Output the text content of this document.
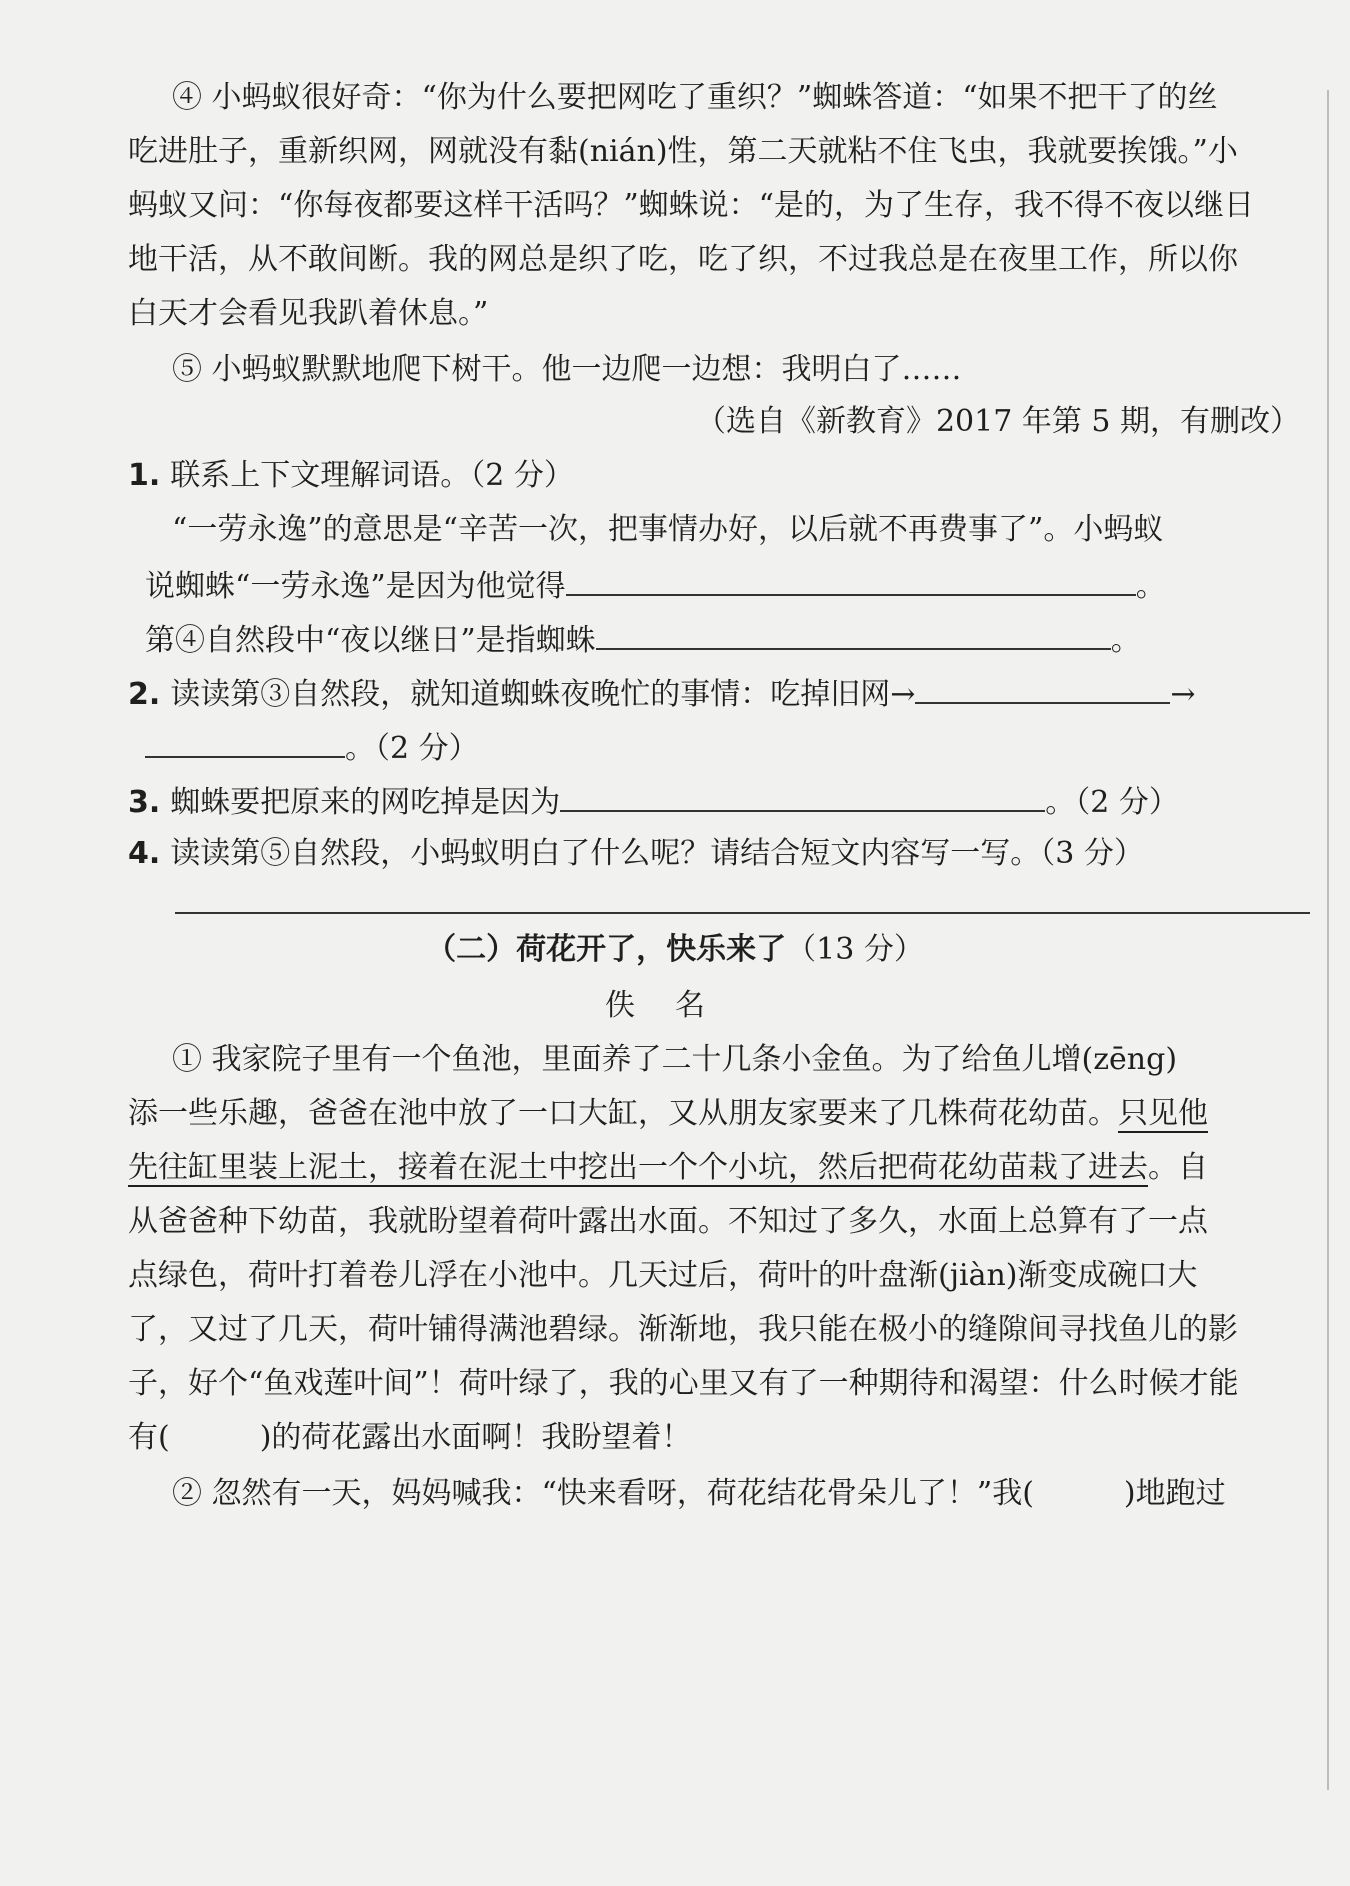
④ 小蚂蚁很好奇：“你为什么要把网吃了重织？”蜘蛛答道：“如果不把干了的丝
吃进肚子，重新织网，网就没有黏(nián)性，第二天就粘不住飞虫，我就要挨饿。”小
蚂蚁又问：“你每夜都要这样干活吗？”蜘蛛说：“是的，为了生存，我不得不夜以继日
地干活，从不敢间断。我的网总是织了吃，吃了织，不过我总是在夜里工作，所以你
白天才会看见我趴着休息。”
⑤ 小蚂蚁默默地爬下树干。他一边爬一边想：我明白了……
（选自《新教育》2017 年第 5 期，有删改）
1. 联系上下文理解词语。（2 分）
“一劳永逸”的意思是“辛苦一次，把事情办好，以后就不再费事了”。小蚂蚁
说蜘蛛“一劳永逸”是因为他觉得	。
第④自然段中“夜以继日”是指蜘蛛	。
2. 读读第③自然段，就知道蜘蛛夜晚忙的事情：吃掉旧网→	→
。（2 分）
3. 蜘蛛要把原来的网吃掉是因为	。（2 分）
4. 读读第⑤自然段，小蚂蚁明白了什么呢？请结合短文内容写一写。（3 分）
（二）荷花开了，快乐来了（13 分）
佚名
① 我家院子里有一个鱼池，里面养了二十几条小金鱼。为了给鱼儿增(zēng)
添一些乐趣，爸爸在池中放了一口大缸，又从朋友家要来了几株荷花幼苗。只见他
先往缸里装上泥土，接着在泥土中挖出一个个小坑，然后把荷花幼苗栽了进去。自
从爸爸种下幼苗，我就盼望着荷叶露出水面。不知过了多久，水面上总算有了一点
点绿色，荷叶打着卷儿浮在小池中。几天过后，荷叶的叶盘渐(jiàn)渐变成碗口大
了，又过了几天，荷叶铺得满池碧绿。渐渐地，我只能在极小的缝隙间寻找鱼儿的影
子，好个“鱼戏莲叶间”！荷叶绿了，我的心里又有了一种期待和渴望：什么时候才能
有(　　　)的荷花露出水面啊！我盼望着！
② 忽然有一天，妈妈喊我：“快来看呀，荷花结花骨朵儿了！”我(　　　)地跑过
